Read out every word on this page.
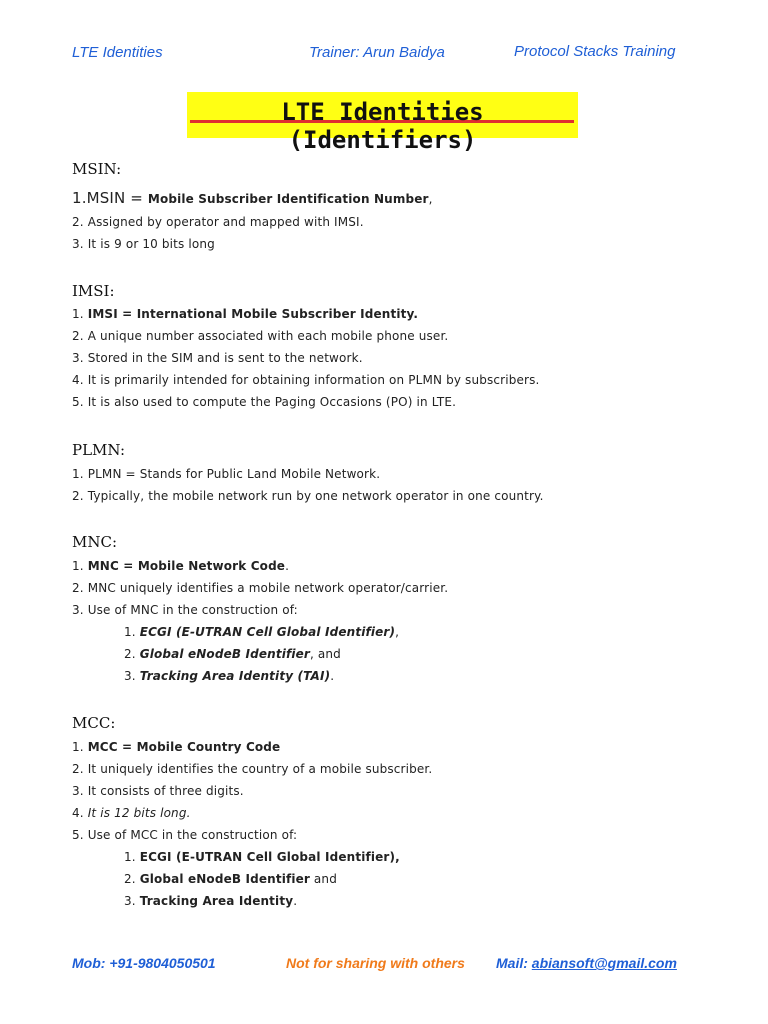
LTE Identities	Trainer: Arun Baidya	Protocol Stacks Training
LTE Identities (Identifiers)
MSIN:
1.MSIN = Mobile Subscriber Identification Number,
2. Assigned by operator and mapped with IMSI.
3. It is 9 or 10 bits long
IMSI:
1. IMSI = International Mobile Subscriber Identity.
2. A unique number associated with each mobile phone user.
3. Stored in the SIM and is sent to the network.
4. It is primarily intended for obtaining information on PLMN by subscribers.
5. It is also used to compute the Paging Occasions (PO) in LTE.
PLMN:
1. PLMN = Stands for Public Land Mobile Network.
2. Typically, the mobile network run by one network operator in one country.
MNC:
1. MNC = Mobile Network Code.
2. MNC uniquely identifies a mobile network operator/carrier.
3. Use of MNC in the construction of:
1. ECGI (E-UTRAN Cell Global Identifier),
2. Global eNodeB Identifier, and
3. Tracking Area Identity (TAI).
MCC:
1. MCC = Mobile Country Code
2. It uniquely identifies the country of a mobile subscriber.
3. It consists of three digits.
4. It is 12 bits long.
5. Use of MCC in the construction of:
1. ECGI (E-UTRAN Cell Global Identifier),
2. Global eNodeB Identifier and
3. Tracking Area Identity.
Mob: +91-9804050501	Not for sharing with others Mail: abiansoft@gmail.com
